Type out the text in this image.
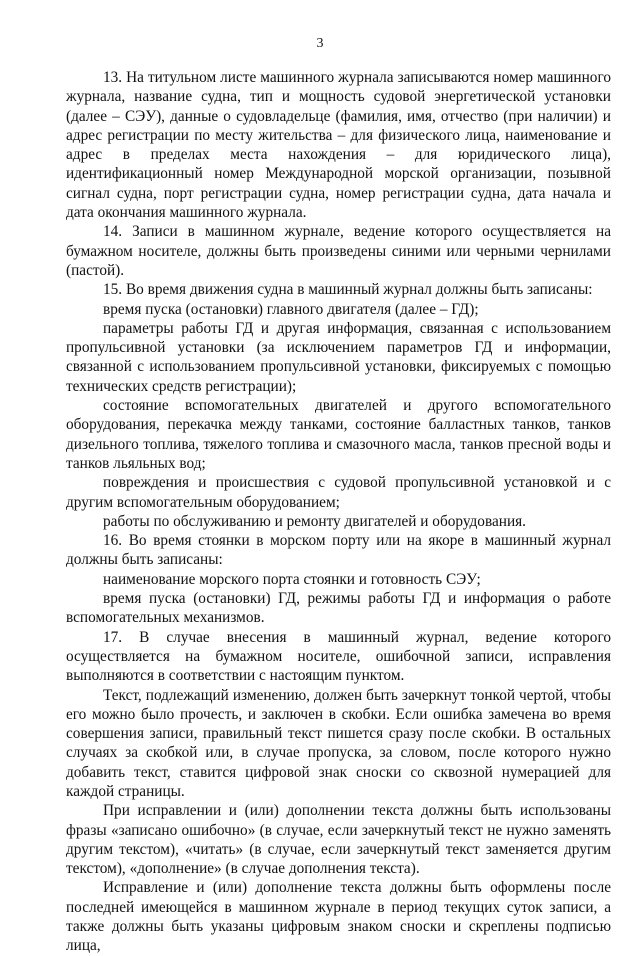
3

13. На титульном листе машинного журнала записываются номер машинного журнала, название судна, тип и мощность судовой энергетической установки (далее – СЭУ), данные о судовладельце (фамилия, имя, отчество (при наличии) и адрес регистрации по месту жительства – для физического лица, наименование и адрес в пределах места нахождения – для юридического лица), идентификационный номер Международной морской организации, позывной сигнал судна, порт регистрации судна, номер регистрации судна, дата начала и дата окончания машинного журнала.

14. Записи в машинном журнале, ведение которого осуществляется на бумажном носителе, должны быть произведены синими или черными чернилами (пастой).

15. Во время движения судна в машинный журнал должны быть записаны:

время пуска (остановки) главного двигателя (далее – ГД);

параметры работы ГД и другая информация, связанная с использованием пропульсивной установки (за исключением параметров ГД и информации, связанной с использованием пропульсивной установки, фиксируемых с помощью технических средств регистрации);

состояние вспомогательных двигателей и другого вспомогательного оборудования, перекачка между танками, состояние балластных танков, танков дизельного топлива, тяжелого топлива и смазочного масла, танков пресной воды и танков льяльных вод;

повреждения и происшествия с судовой пропульсивной установкой и с другим вспомогательным оборудованием;

работы по обслуживанию и ремонту двигателей и оборудования.

16. Во время стоянки в морском порту или на якоре в машинный журнал должны быть записаны:

наименование морского порта стоянки и готовность СЭУ;

время пуска (остановки) ГД, режимы работы ГД и информация о работе вспомогательных механизмов.

17. В случае внесения в машинный журнал, ведение которого осуществляется на бумажном носителе, ошибочной записи, исправления выполняются в соответствии с настоящим пунктом.

Текст, подлежащий изменению, должен быть зачеркнут тонкой чертой, чтобы его можно было прочесть, и заключен в скобки. Если ошибка замечена во время совершения записи, правильный текст пишется сразу после скобки. В остальных случаях за скобкой или, в случае пропуска, за словом, после которого нужно добавить текст, ставится цифровой знак сноски со сквозной нумерацией для каждой страницы.

При исправлении и (или) дополнении текста должны быть использованы фразы «записано ошибочно» (в случае, если зачеркнутый текст не нужно заменять другим текстом), «читать» (в случае, если зачеркнутый текст заменяется другим текстом), «дополнение» (в случае дополнения текста).

Исправление и (или) дополнение текста должны быть оформлены после последней имеющейся в машинном журнале в период текущих суток записи, а также должны быть указаны цифровым знаком сноски и скреплены подписью лица,
